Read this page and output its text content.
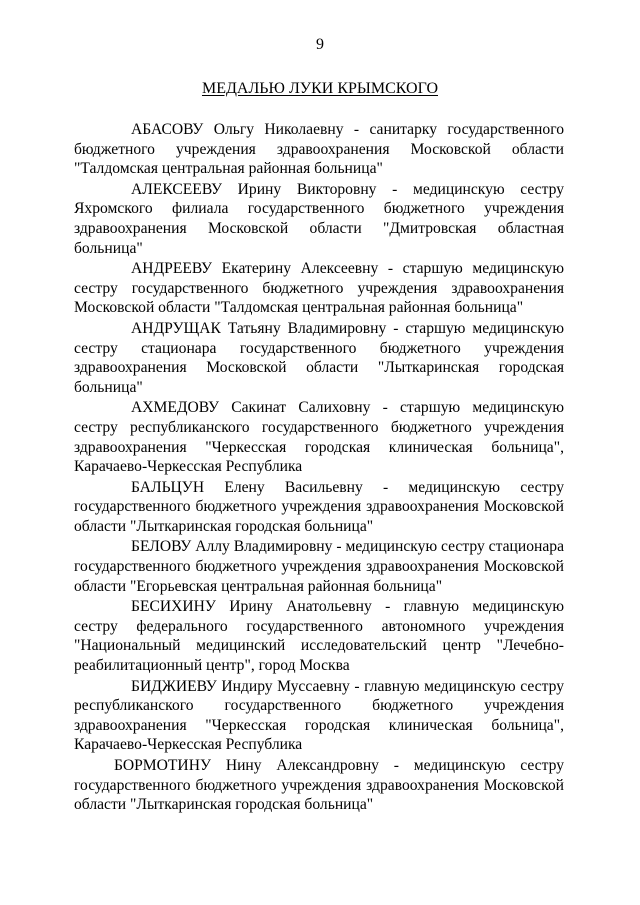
9
МЕДАЛЬЮ ЛУКИ КРЫМСКОГО

АБАСОВУ Ольгу Николаевну - санитарку государственного бюджетного учреждения здравоохранения Московской области "Талдомская центральная районная больница"

АЛЕКСЕЕВУ Ирину Викторовну - медицинскую сестру Яхромского филиала государственного бюджетного учреждения здравоохранения Московской области "Дмитровская областная больница"

АНДРЕЕВУ Екатерину Алексеевну - старшую медицинскую сестру государственного бюджетного учреждения здравоохранения Московской области "Талдомская центральная районная больница"

АНДРУЩАК Татьяну Владимировну - старшую медицинскую сестру стационара государственного бюджетного учреждения здравоохранения Московской области "Лыткаринская городская больница"

АХМЕДОВУ Сакинат Салиховну - старшую медицинскую сестру республиканского государственного бюджетного учреждения здравоохранения "Черкесская городская клиническая больница", Карачаево-Черкесская Республика

БАЛЬЦУН Елену Васильевну - медицинскую сестру государственного бюджетного учреждения здравоохранения Московской области "Лыткаринская городская больница"

БЕЛОВУ Аллу Владимировну - медицинскую сестру стационара государственного бюджетного учреждения здравоохранения Московской области "Егорьевская центральная районная больница"

БЕСИХИНУ Ирину Анатольевну - главную медицинскую сестру федерального государственного автономного учреждения "Национальный медицинский исследовательский центр "Лечебно-реабилитационный центр", город Москва

БИДЖИЕВУ Индиру Муссаевну - главную медицинскую сестру республиканского государственного бюджетного учреждения здравоохранения "Черкесская городская клиническая больница", Карачаево-Черкесская Республика

БОРМОТИНУ Нину Александровну - медицинскую сестру государственного бюджетного учреждения здравоохранения Московской области "Лыткаринская городская больница"
